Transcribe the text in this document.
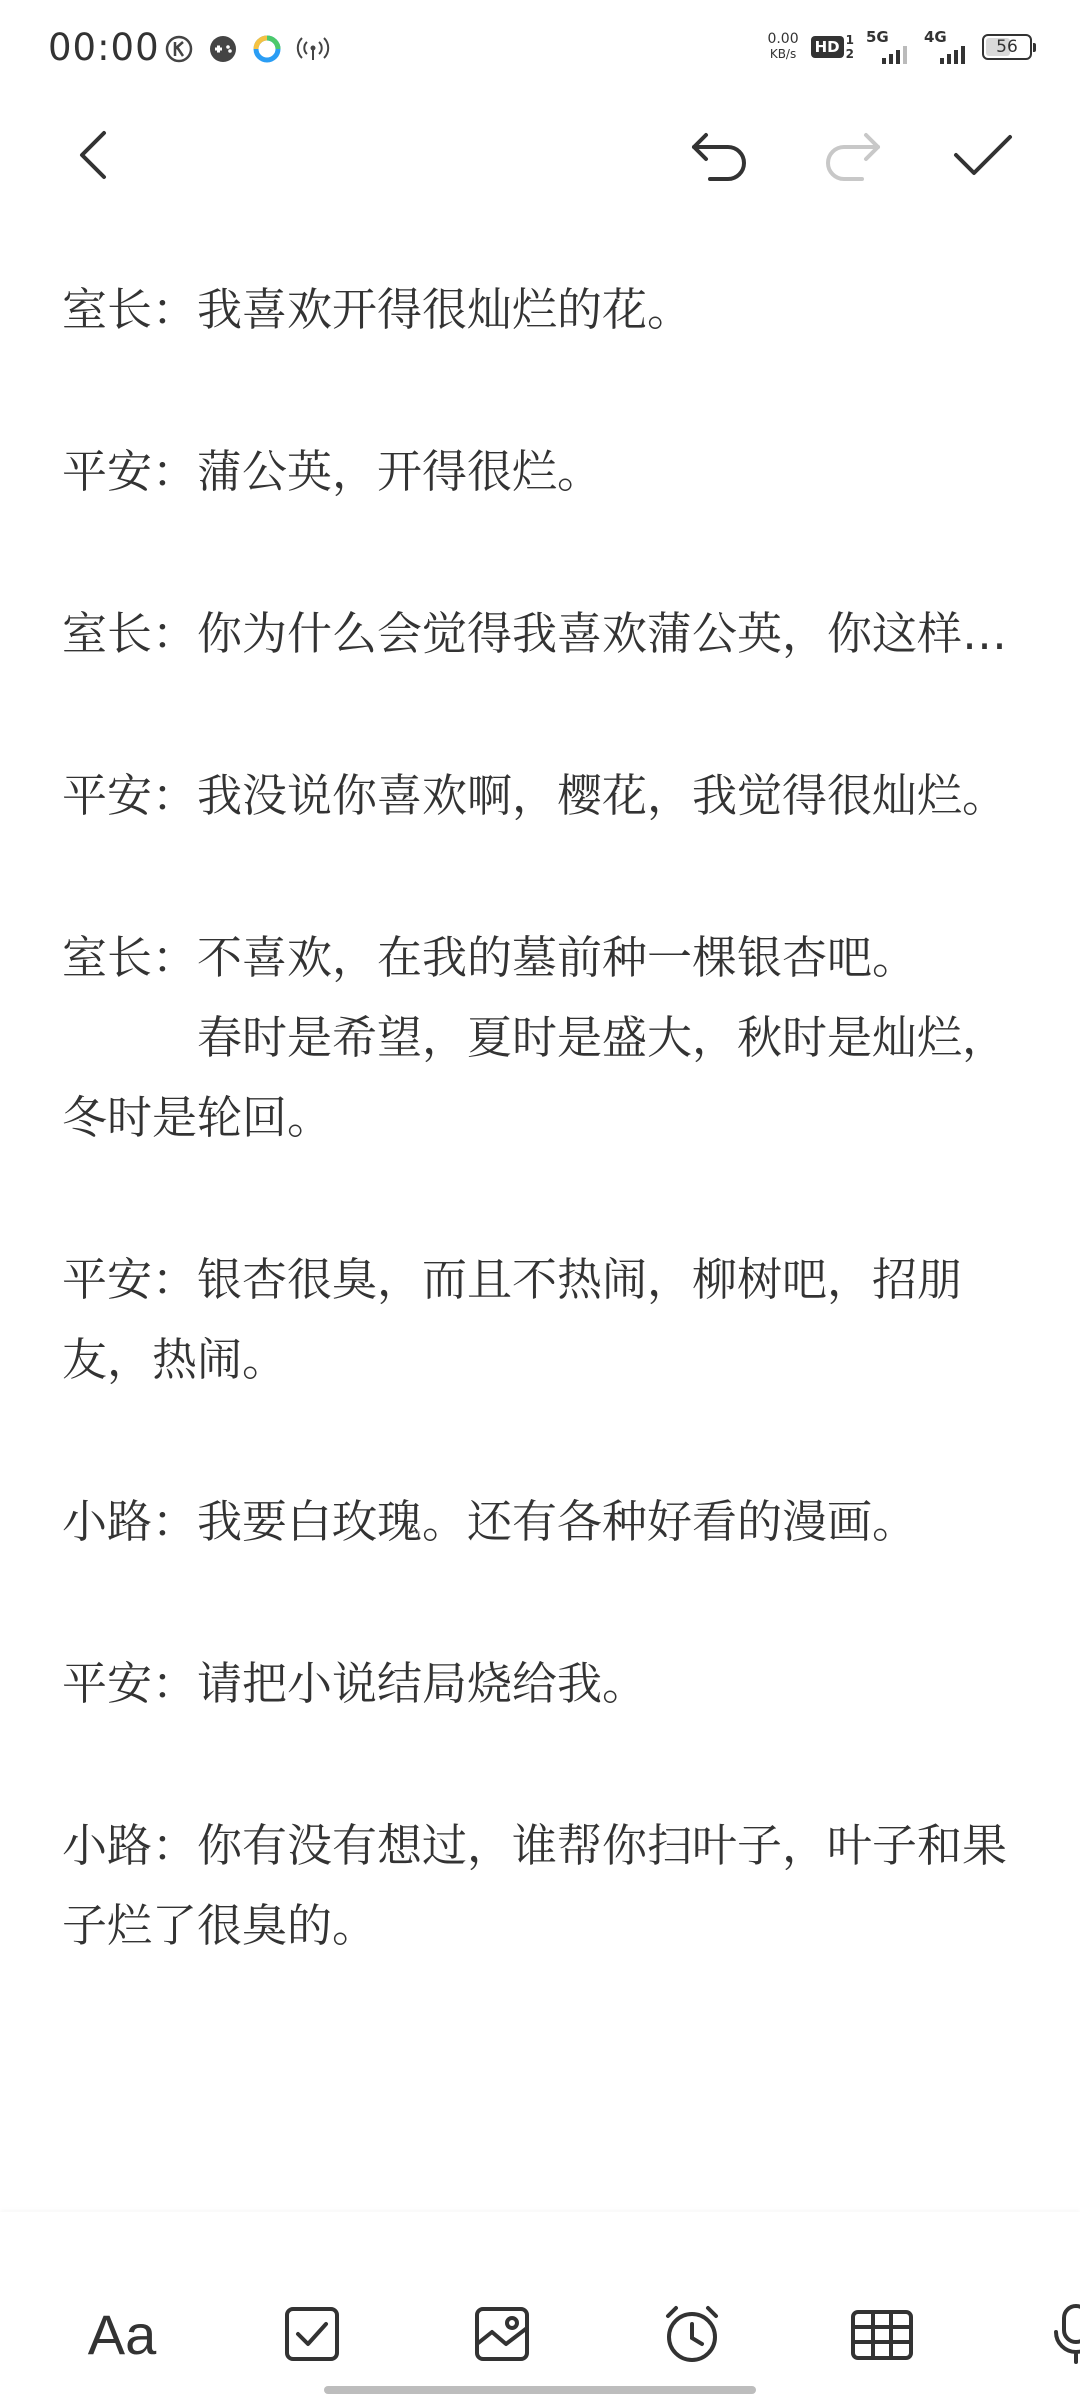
00:00	0.00
KB/s HD 1
2
5G 4G	56

室长：我喜欢开得很灿烂的花。

平安：蒲公英，开得很烂。

室长：你为什么会觉得我喜欢蒲公英，你这样…

平安：我没说你喜欢啊，樱花，我觉得很灿烂。

室长：不喜欢，在我的墓前种一棵银杏吧。
　　　春时是希望，夏时是盛大，秋时是灿烂，冬时是轮回。

平安：银杏很臭，而且不热闹，柳树吧，招朋友，热闹。

小路：我要白玫瑰。还有各种好看的漫画。

平安：请把小说结局烧给我。

小路：你有没有想过，谁帮你扫叶子，叶子和果子烂了很臭的。

Aa
